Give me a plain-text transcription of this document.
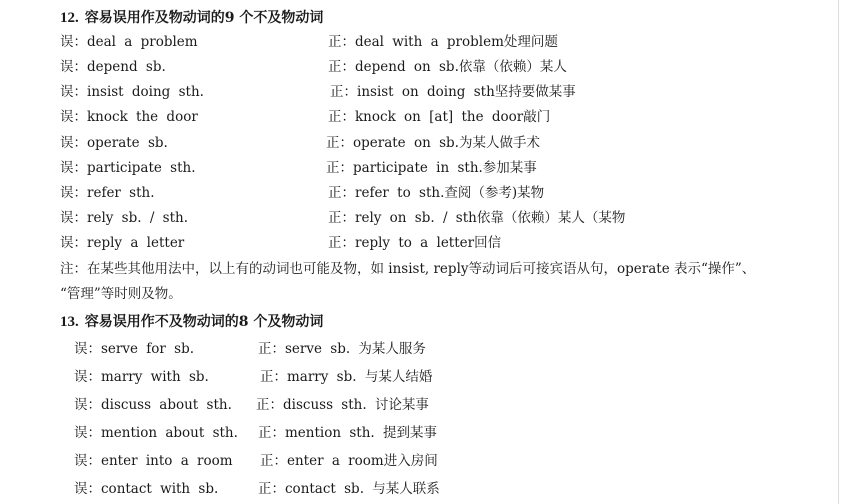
12. 容易误用作及物动词的9 个不及物动词
误：deal a problem	正：deal with a problem处理问题
误：depend sb.	正：depend on sb.依靠（依赖）某人
误：insist doing sth.	正：insist on doing sth坚持要做某事
误：knock the door	正：knock on [at] the door敲门
误：operate sb.	正：operate on sb.为某人做手术
误：participate sth.	正：participate in sth.参加某事
误：refer sth.	正：refer to sth.查阅（参考)某物
误：rely sb. / sth.	正：rely on sb. / sth依靠（依赖）某人（某物
误：reply a letter	正：reply to a letter回信
注：在某些其他用法中，以上有的动词也可能及物，如 insist, reply等动词后可接宾语从句，operate 表示“操作”、
“管理”等时则及物。
13. 容易误用作不及物动词的8 个及物动词
误：serve for sb.	正：serve sb. 为某人服务
误：marry with sb.	正：marry sb. 与某人结婚
误：discuss about sth. 正：discuss sth. 讨论某事
误：mention about sth. 正：mention sth. 提到某事
误：enter into a room 正：enter a room进入房间
误：contact with sb.	正：contact sb. 与某人联系
